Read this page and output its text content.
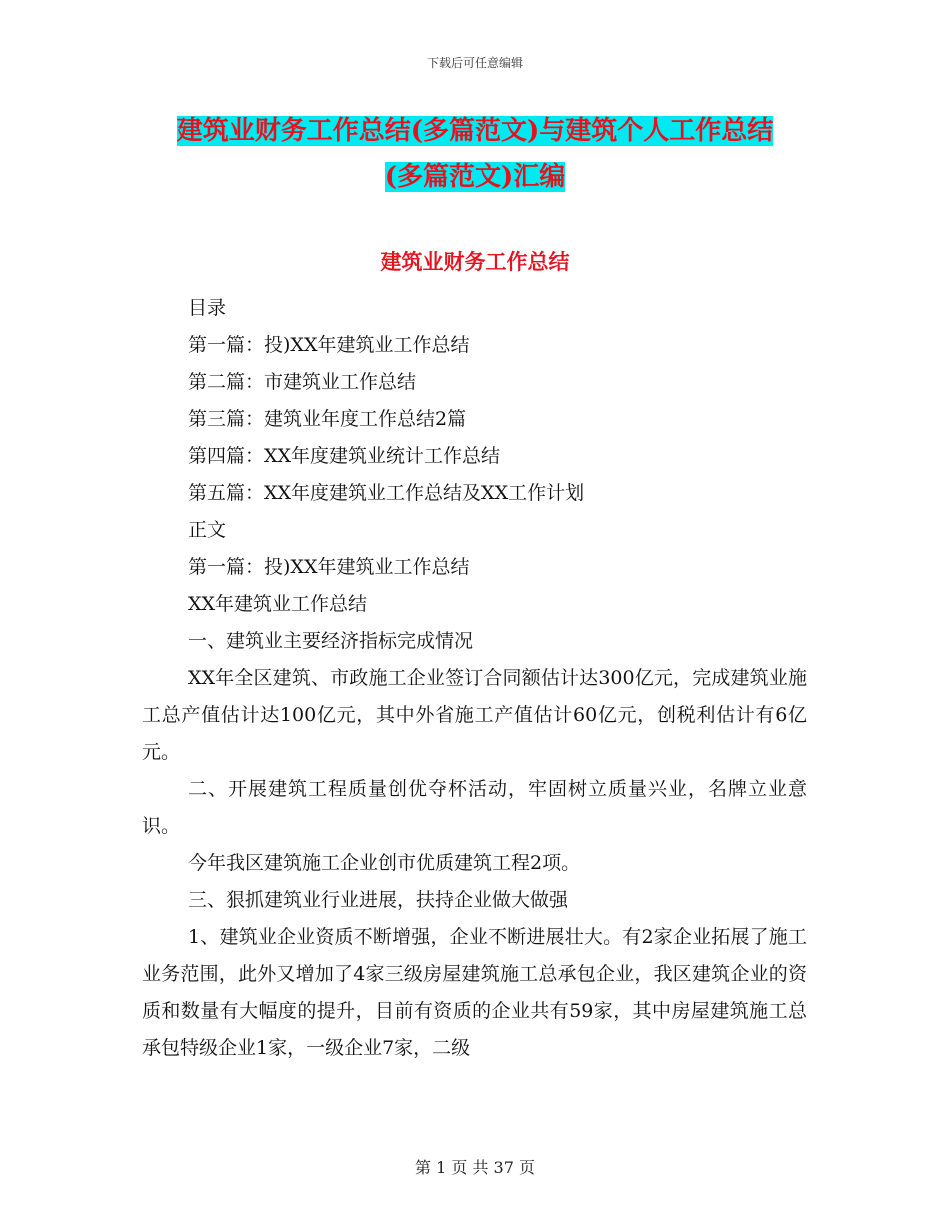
下载后可任意编辑
建筑业财务工作总结(多篇范文)与建筑个人工作总结
(多篇范文)汇编
建筑业财务工作总结

目录

第一篇：投)XX年建筑业工作总结

第二篇：市建筑业工作总结

第三篇：建筑业年度工作总结2篇

第四篇：XX年度建筑业统计工作总结

第五篇：XX年度建筑业工作总结及XX工作计划

正文

第一篇：投)XX年建筑业工作总结

XX年建筑业工作总结

一、建筑业主要经济指标完成情况

XX年全区建筑、市政施工企业签订合同额估计达300亿元，完成建筑业施工总产值估计达100亿元，其中外省施工产值估计60亿元，创税利估计有6亿元。

二、开展建筑工程质量创优夺杯活动，牢固树立质量兴业，名牌立业意识。

今年我区建筑施工企业创市优质建筑工程2项。

三、狠抓建筑业行业进展，扶持企业做大做强

1、建筑业企业资质不断增强，企业不断进展壮大。有2家企业拓展了施工业务范围，此外又增加了4家三级房屋建筑施工总承包企业，我区建筑企业的资质和数量有大幅度的提升，目前有资质的企业共有59家，其中房屋建筑施工总承包特级企业1家，一级企业7家，二级

第 1 页 共 37 页
